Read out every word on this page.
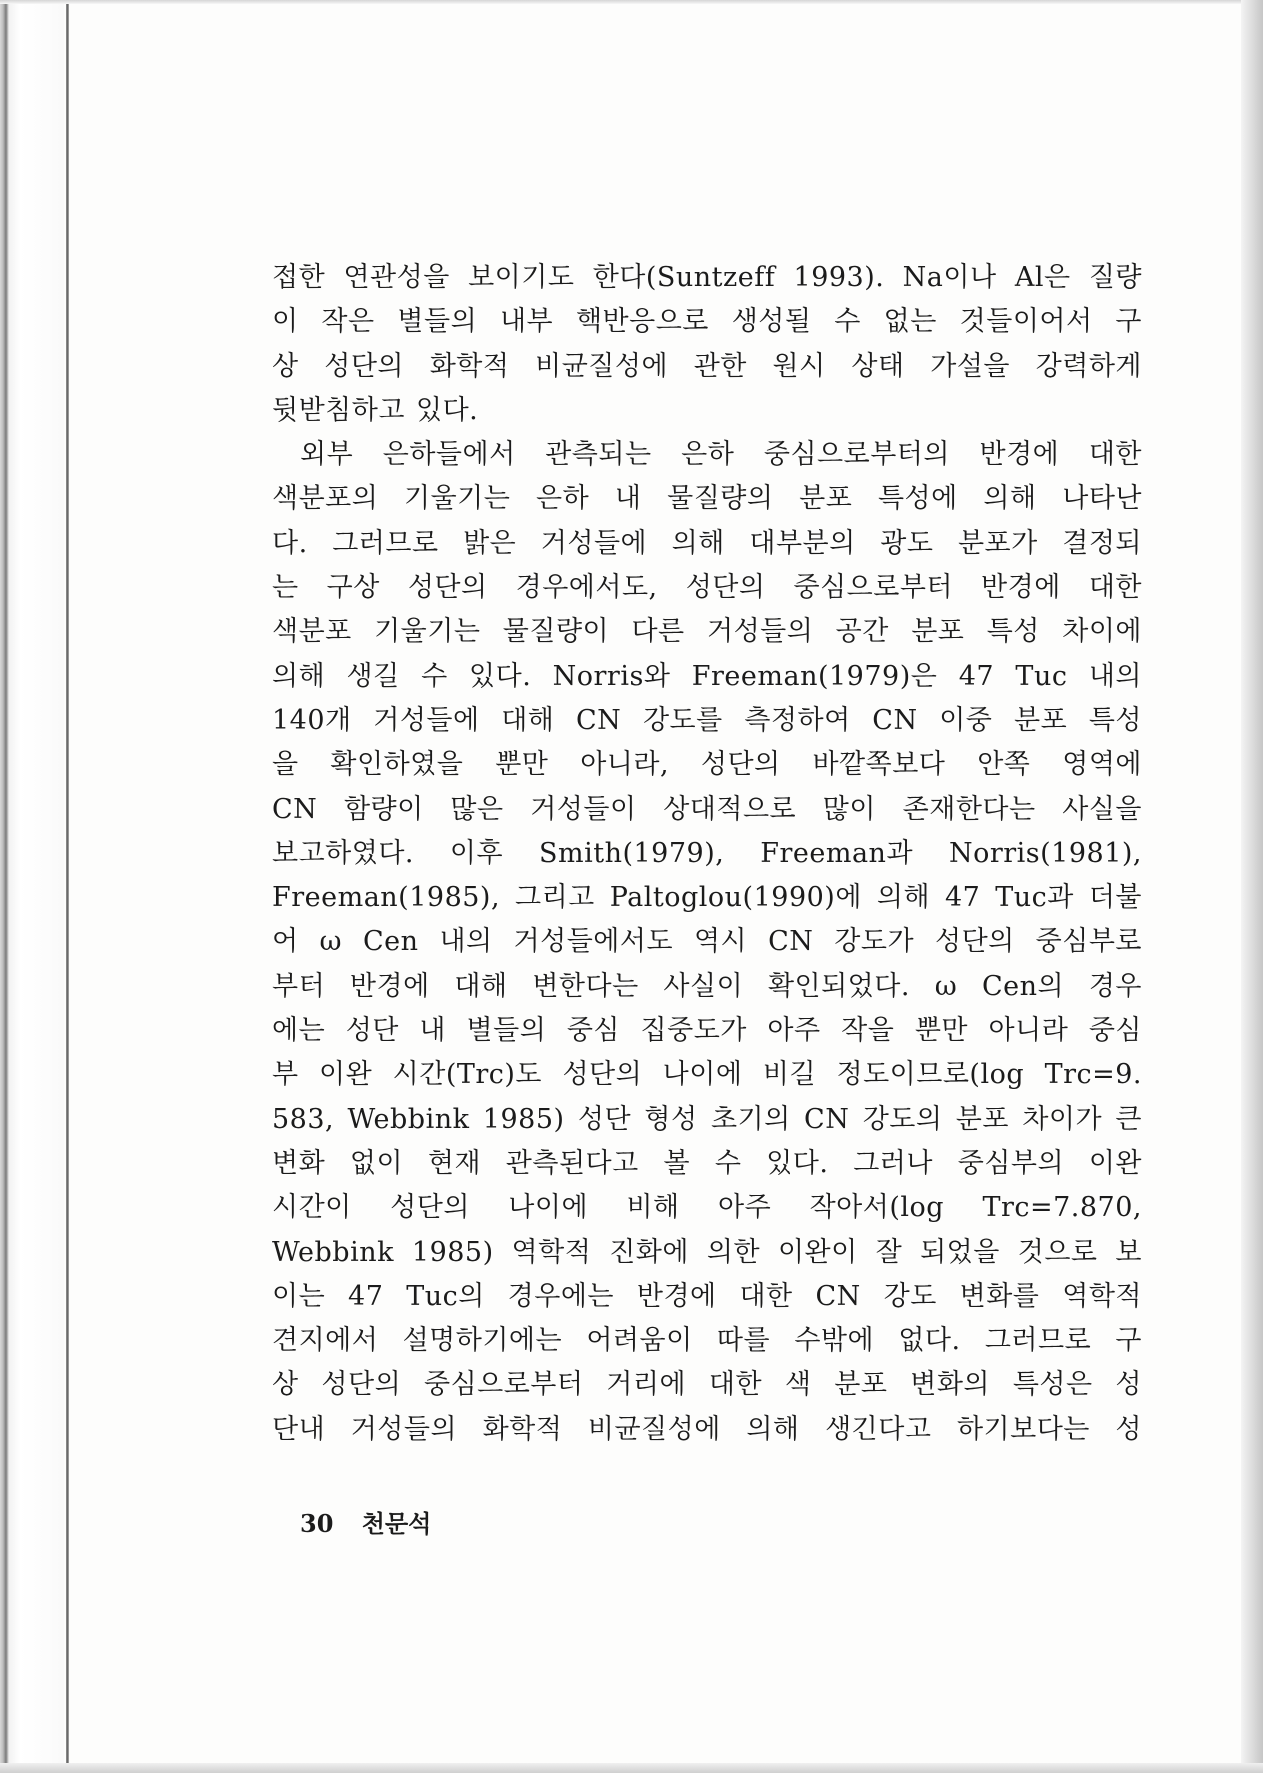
접한 연관성을 보이기도 한다(Suntzeff 1993). Na이나 Al은 질량
이 작은 별들의 내부 핵반응으로 생성될 수 없는 것들이어서 구
상 성단의 화학적 비균질성에 관한 원시 상태 가설을 강력하게
뒷받침하고 있다.
외부 은하들에서 관측되는 은하 중심으로부터의 반경에 대한
색분포의 기울기는 은하 내 물질량의 분포 특성에 의해 나타난
다. 그러므로 밝은 거성들에 의해 대부분의 광도 분포가 결정되
는 구상 성단의 경우에서도, 성단의 중심으로부터 반경에 대한
색분포 기울기는 물질량이 다른 거성들의 공간 분포 특성 차이에
의해 생길 수 있다. Norris와 Freeman(1979)은 47 Tuc 내의
140개 거성들에 대해 CN 강도를 측정하여 CN 이중 분포 특성
을 확인하였을 뿐만 아니라, 성단의 바깥쪽보다 안쪽 영역에
CN 함량이 많은 거성들이 상대적으로 많이 존재한다는 사실을
보고하였다. 이후 Smith(1979), Freeman과 Norris(1981),
Freeman(1985), 그리고 Paltoglou(1990)에 의해 47 Tuc과 더불
어 ω Cen 내의 거성들에서도 역시 CN 강도가 성단의 중심부로
부터 반경에 대해 변한다는 사실이 확인되었다. ω Cen의 경우
에는 성단 내 별들의 중심 집중도가 아주 작을 뿐만 아니라 중심
부 이완 시간(Trc)도 성단의 나이에 비길 정도이므로(log Trc=9.
583, Webbink 1985) 성단 형성 초기의 CN 강도의 분포 차이가 큰
변화 없이 현재 관측된다고 볼 수 있다. 그러나 중심부의 이완
시간이 성단의 나이에 비해 아주 작아서(log Trc=7.870,
Webbink 1985) 역학적 진화에 의한 이완이 잘 되었을 것으로 보
이는 47 Tuc의 경우에는 반경에 대한 CN 강도 변화를 역학적
견지에서 설명하기에는 어려움이 따를 수밖에 없다. 그러므로 구
상 성단의 중심으로부터 거리에 대한 색 분포 변화의 특성은 성
단내 거성들의 화학적 비균질성에 의해 생긴다고 하기보다는 성
30 천문석
